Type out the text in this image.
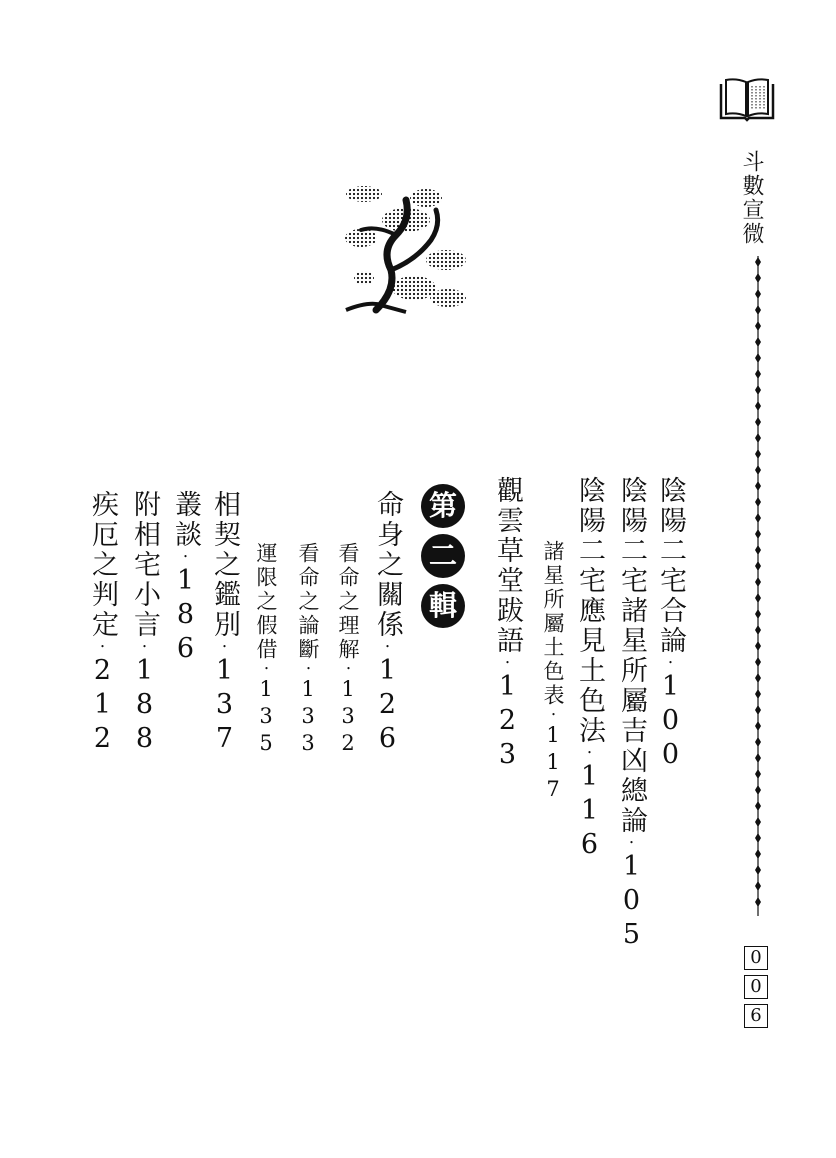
斗數宣微
0
0
6
陰陽二宅合論・100
陰陽二宅諸星所屬吉凶總論・105
陰陽二宅應見土色法・116
諸星所屬土色表・117
觀雲草堂跋語・123
第
二
輯
命身之關係・126
看命之理解・132
看命之論斷・133
運限之假借・135
相契之鑑別・137
叢談・186
附相宅小言・188
疾厄之判定・212
